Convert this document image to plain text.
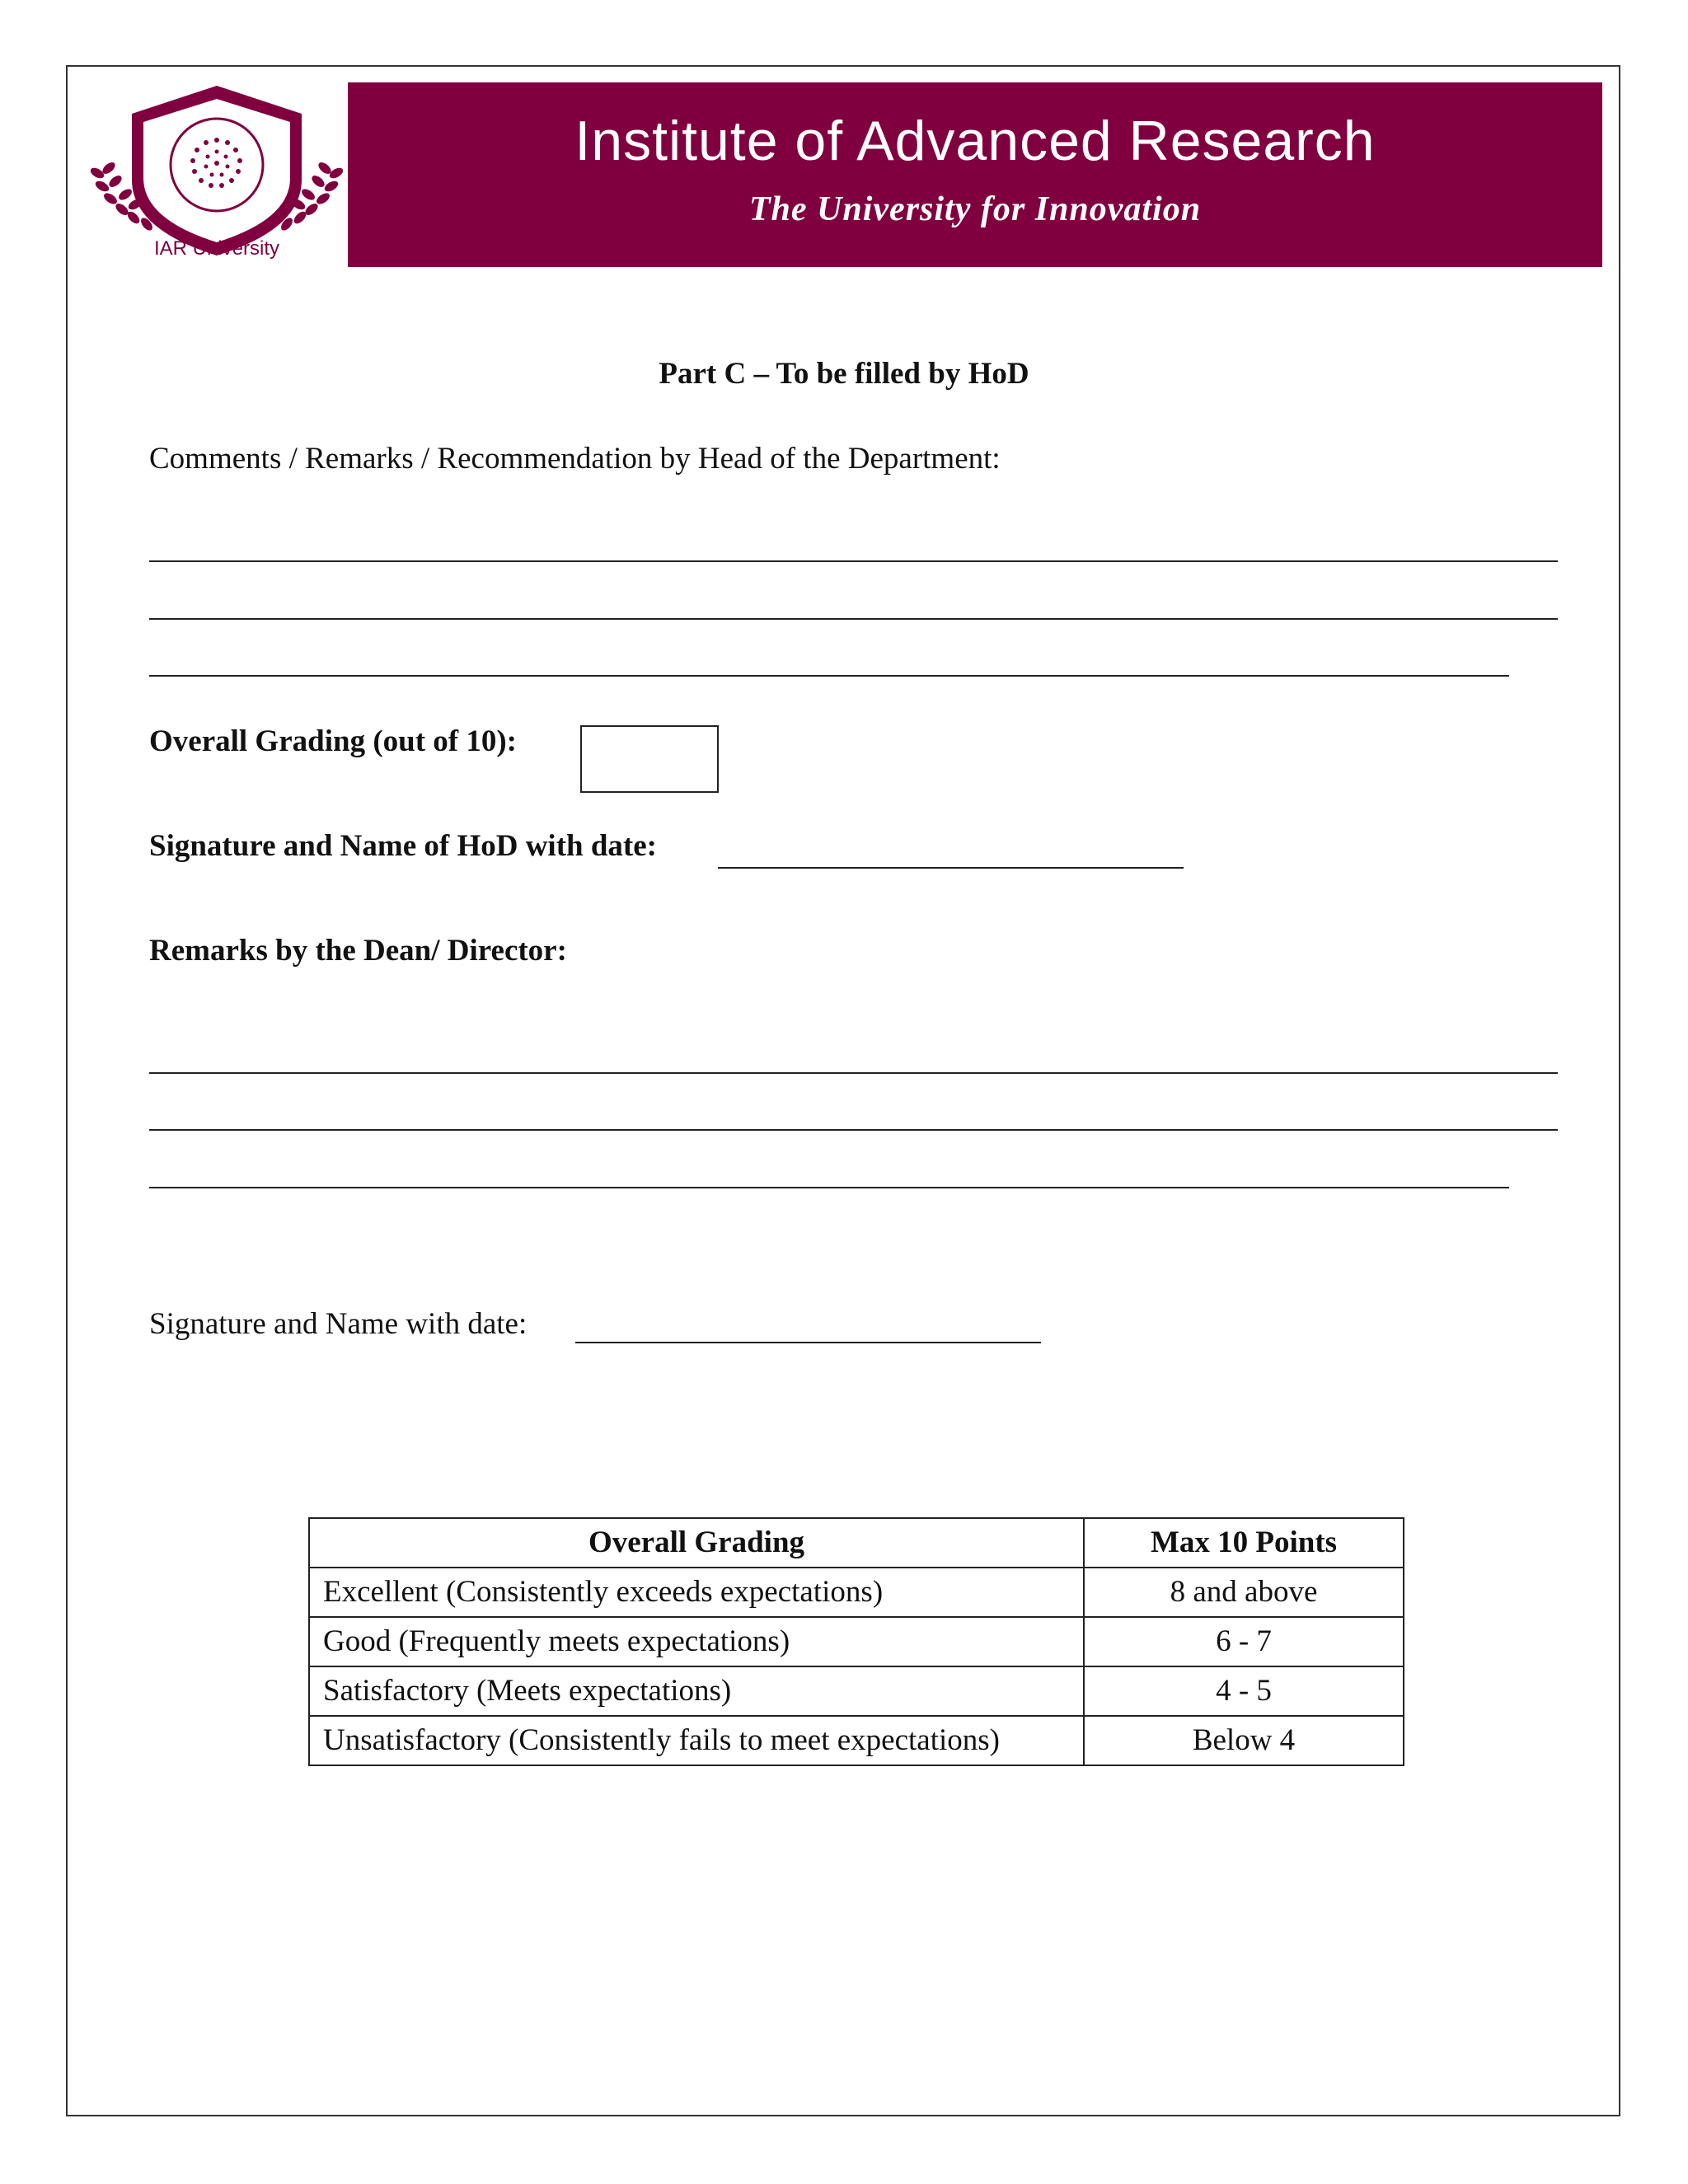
IAR University
Institute of Advanced Research
The University for Innovation
Part C – To be filled by HoD
Comments / Remarks / Recommendation by Head of the Department:
Overall Grading (out of 10):
Signature and Name of HoD with date:
Remarks by the Dean/ Director:
Signature and Name with date:
Overall Grading	Max 10 Points
Excellent (Consistently exceeds expectations)	8 and above
Good (Frequently meets expectations)	6 - 7
Satisfactory (Meets expectations)	4 - 5
Unsatisfactory (Consistently fails to meet expectations)	Below 4
